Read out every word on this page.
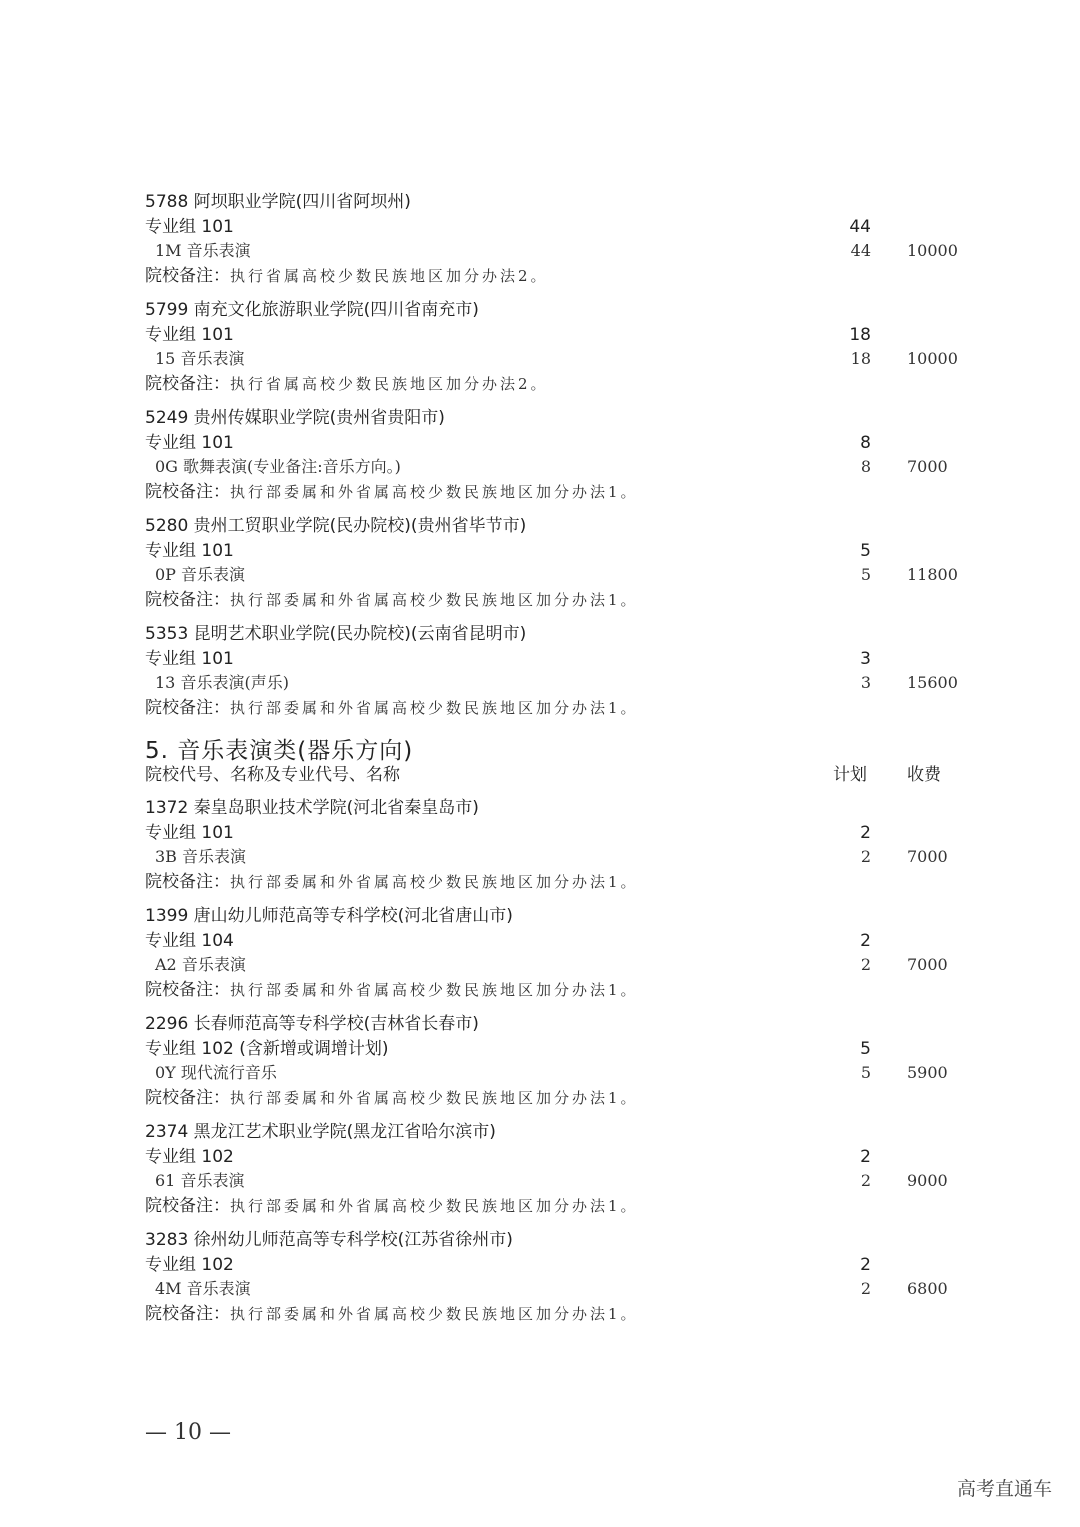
5788 阿坝职业学院(四川省阿坝州)
专业组 101	44
1M 音乐表演	44 10000
院校备注：执行省属高校少数民族地区加分办法2。
5799 南充文化旅游职业学院(四川省南充市)
专业组 101	18
15 音乐表演	18 10000
院校备注：执行省属高校少数民族地区加分办法2。
5249 贵州传媒职业学院(贵州省贵阳市)
专业组 101	8
0G 歌舞表演(专业备注:音乐方向。)	8 7000
院校备注：执行部委属和外省属高校少数民族地区加分办法1。
5280 贵州工贸职业学院(民办院校)(贵州省毕节市)
专业组 101	5
0P 音乐表演	5 11800
院校备注：执行部委属和外省属高校少数民族地区加分办法1。
5353 昆明艺术职业学院(民办院校)(云南省昆明市)
专业组 101	3
13 音乐表演(声乐)	3 15600
院校备注：执行部委属和外省属高校少数民族地区加分办法1。
5. 音乐表演类(器乐方向)
院校代号、名称及专业代号、名称	计划 收费
1372 秦皇岛职业技术学院(河北省秦皇岛市)
专业组 101	2
3B 音乐表演	2 7000
院校备注：执行部委属和外省属高校少数民族地区加分办法1。
1399 唐山幼儿师范高等专科学校(河北省唐山市)
专业组 104	2
A2 音乐表演	2 7000
院校备注：执行部委属和外省属高校少数民族地区加分办法1。
2296 长春师范高等专科学校(吉林省长春市)
专业组 102 (含新增或调增计划)	5
0Y 现代流行音乐	5 5900
院校备注：执行部委属和外省属高校少数民族地区加分办法1。
2374 黑龙江艺术职业学院(黑龙江省哈尔滨市)
专业组 102	2
61 音乐表演	2 9000
院校备注：执行部委属和外省属高校少数民族地区加分办法1。
3283 徐州幼儿师范高等专科学校(江苏省徐州市)
专业组 102	2
4M 音乐表演	2 6800
院校备注：执行部委属和外省属高校少数民族地区加分办法1。
— 10 —
高考直通车
